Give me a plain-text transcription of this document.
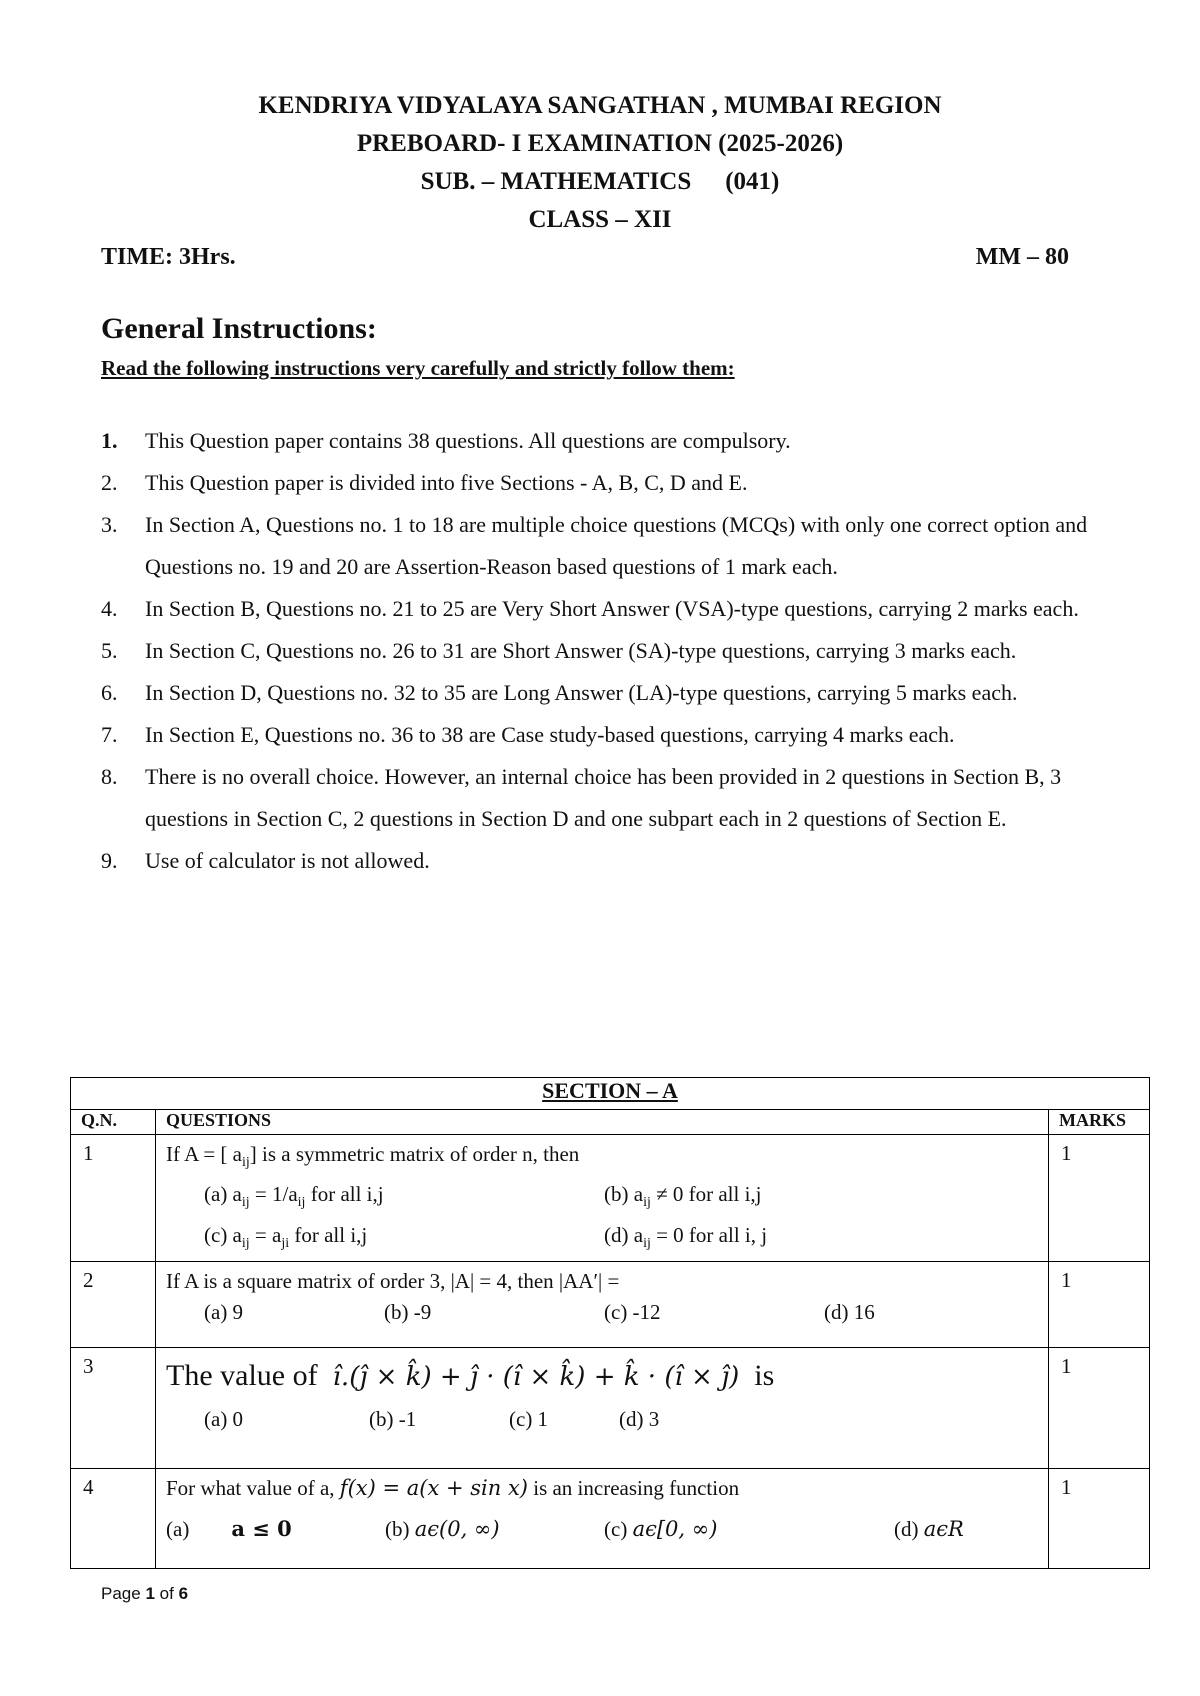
KENDRIYA VIDYALAYA SANGATHAN , MUMBAI REGION
PREBOARD- I EXAMINATION (2025-2026)
SUB. – MATHEMATICS (041)
CLASS – XII
TIME: 3Hrs.	MM – 80
General Instructions:
Read the following instructions very carefully and strictly follow them:
1. This Question paper contains 38 questions. All questions are compulsory.
2. This Question paper is divided into five Sections - A, B, C, D and E.
3. In Section A, Questions no. 1 to 18 are multiple choice questions (MCQs) with only one correct option and Questions no. 19 and 20 are Assertion-Reason based questions of 1 mark each.
4. In Section B, Questions no. 21 to 25 are Very Short Answer (VSA)-type questions, carrying 2 marks each.
5. In Section C, Questions no. 26 to 31 are Short Answer (SA)-type questions, carrying 3 marks each.
6. In Section D, Questions no. 32 to 35 are Long Answer (LA)-type questions, carrying 5 marks each.
7. In Section E, Questions no. 36 to 38 are Case study-based questions, carrying 4 marks each.
8. There is no overall choice. However, an internal choice has been provided in 2 questions in Section B, 3 questions in Section C, 2 questions in Section D and one subpart each in 2 questions of Section E.
9. Use of calculator is not allowed.
SECTION – A		
Q.N.	QUESTIONS	MARKS
1	If A = [ $a_{ij}$] is a symmetric matrix of order n, then
(a) $a_{ij} = 1/a_{ij}$ for all i,j (b) $a_{ij} \ne 0$ for all i,j
(c) $a_{ij} = a_{ji}$ for all i,j (d) $a_{ij} = 0$ for all i, j	1
2	If A is a square matrix of order 3, |A| = 4, then |AA′| =
(a) 9 (b) -9 (c) -12 (d) 16	1
3	The value of î.(ĵ × k̂) + ĵ · (î × k̂) + k̂ · (î × ĵ) is
(a) 0 (b) -1 (c) 1 (d) 3	1
4	For what value of a, f(x) = a(x + sin x) is an increasing function
(a) a ≤ 0 (b) aϵ(0, ∞) (c) aϵ[0, ∞) (d) aϵR	1
Page 1 of 6
